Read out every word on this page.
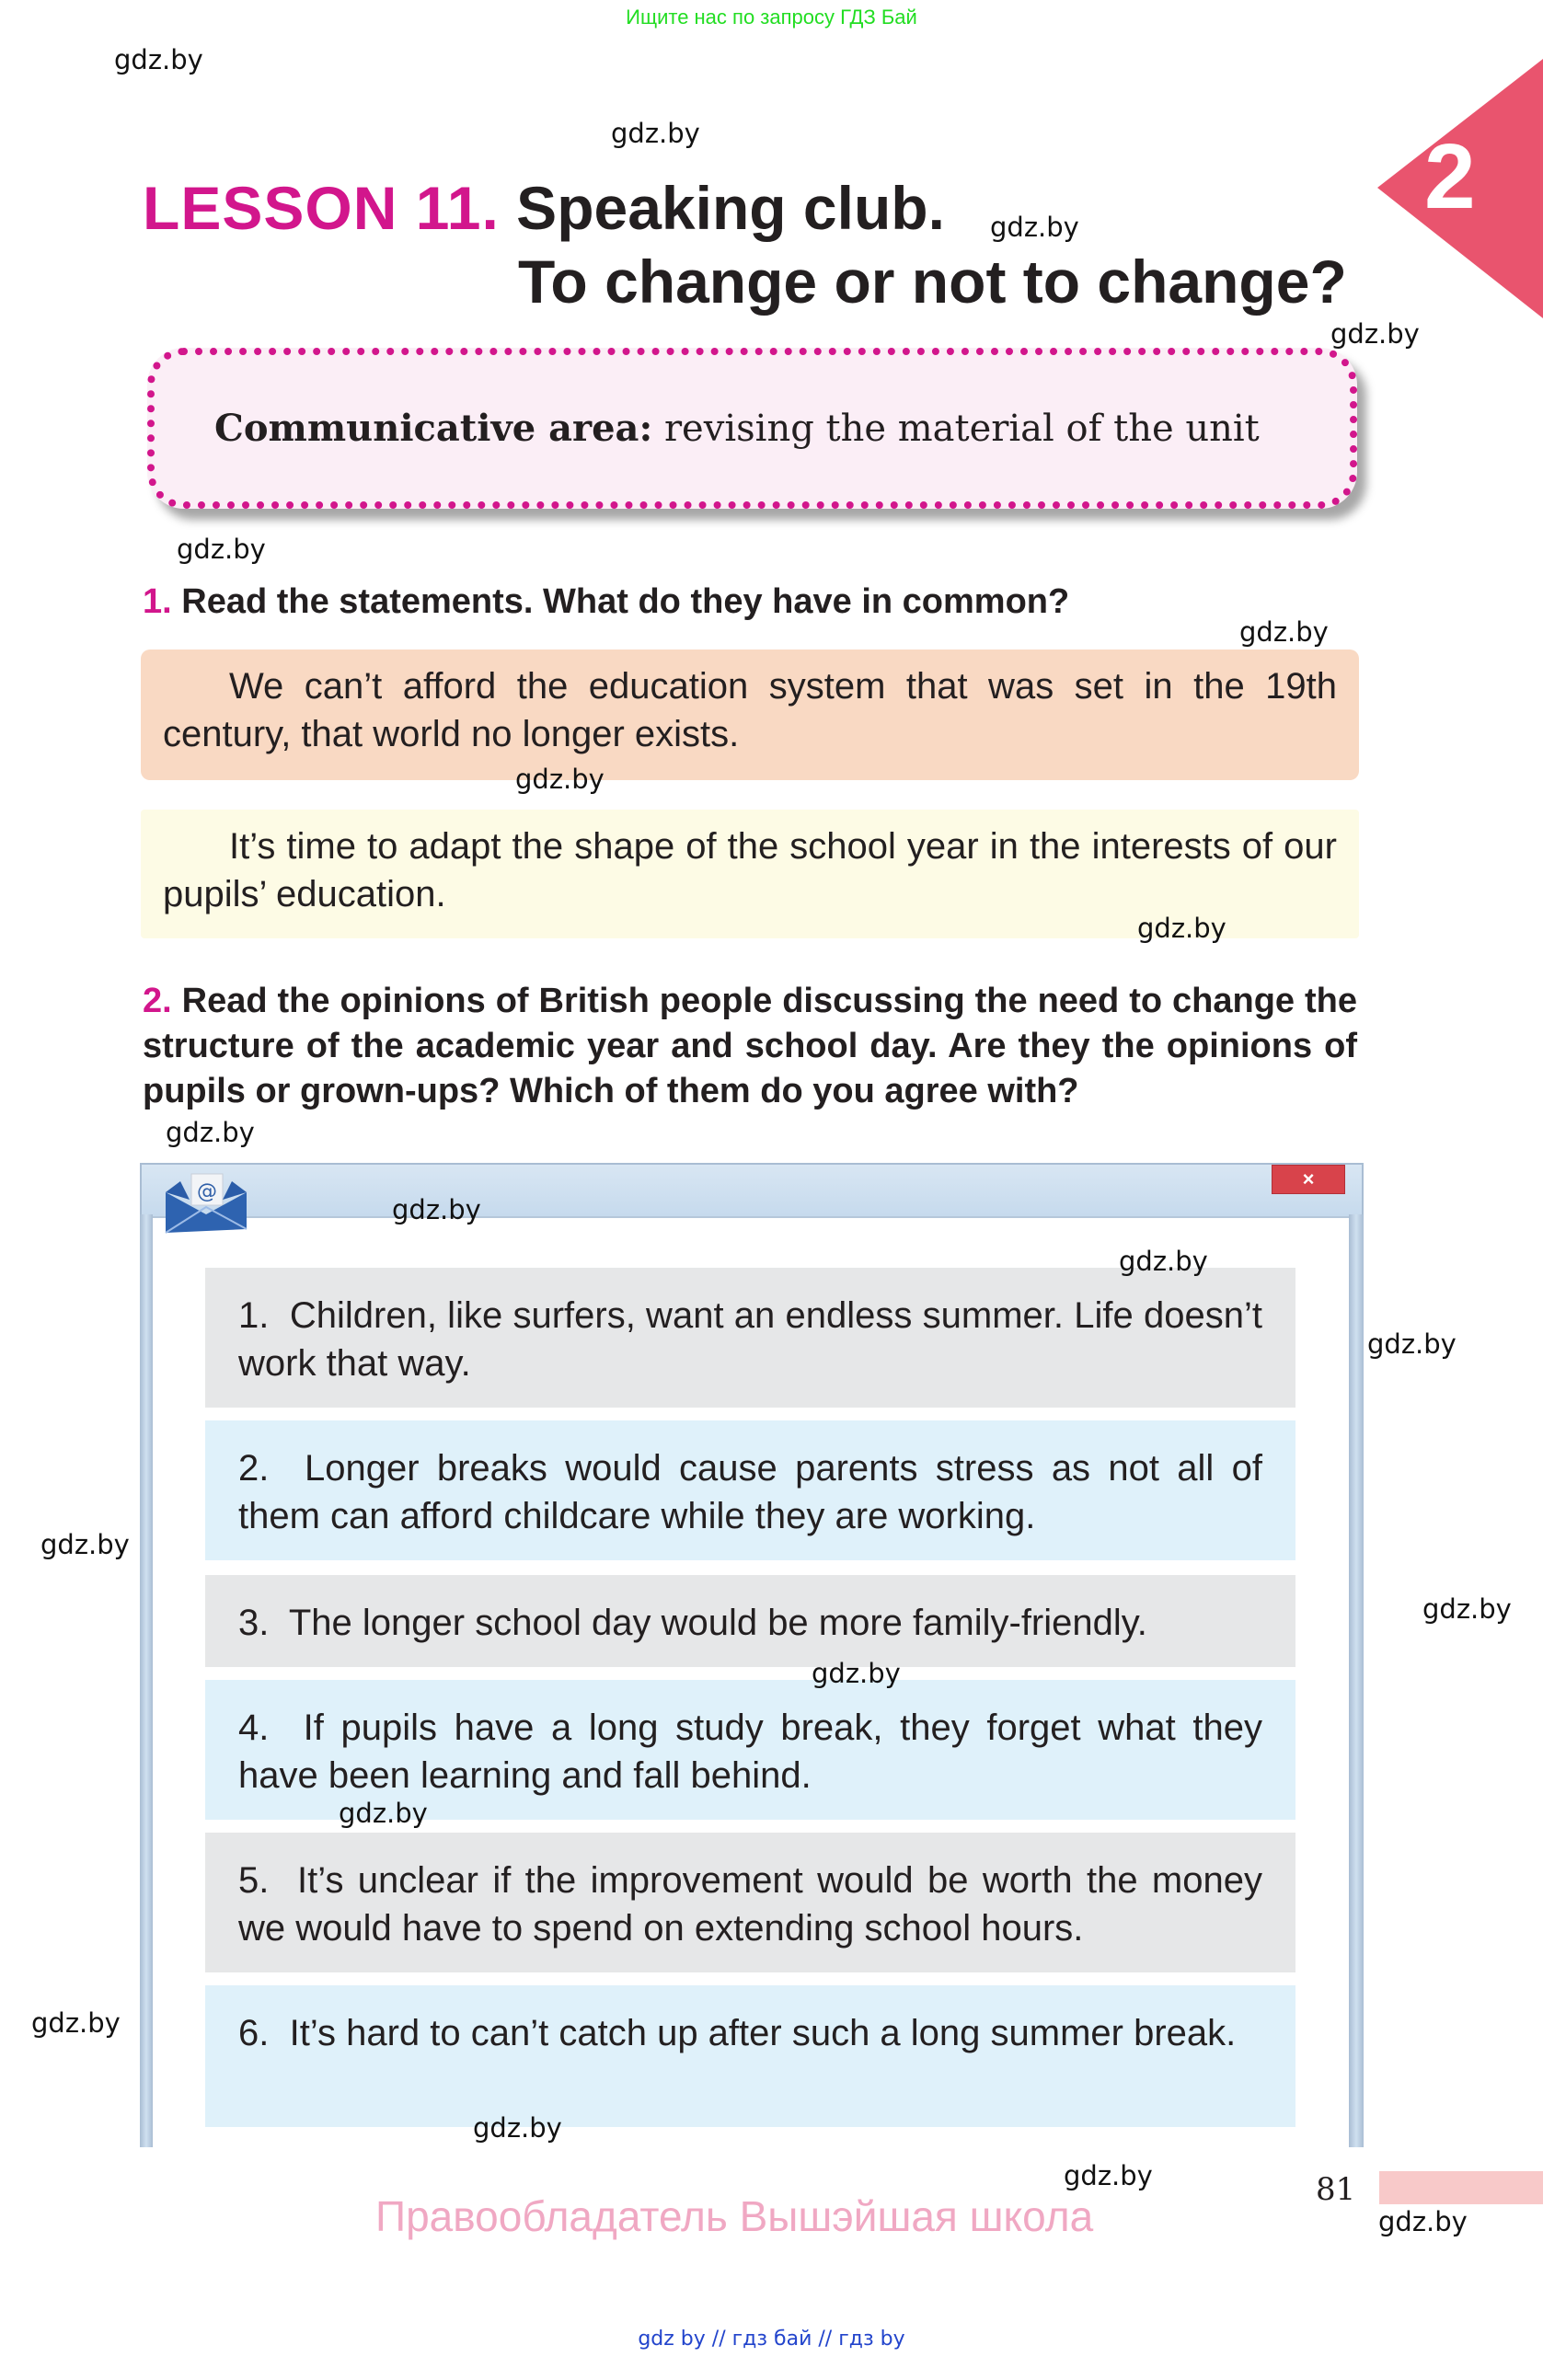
Ищите нас по запросу ГДЗ Бай
2
LESSON 11. Speaking club.
To change or not to change?
Communicative area: revising the material of the unit
1. Read the statements. What do they have in common?
We can’t afford the education system that was set in the 19th century, that world no longer exists.
It’s time to adapt the shape of the school year in the interests of our pupils’ education.
2. Read the opinions of British people discussing the need to change the structure of the academic year and school day. Are they the opinions of pupils or grown-ups? Which of them do you agree with?
@
×
1. Children, like surfers, want an endless summer. Life doesn’t work that way.
2. Longer breaks would cause parents stress as not all of them can afford childcare while they are working.
3. The longer school day would be more family-friendly.
4. If pupils have a long study break, they forget what they have been learning and fall behind.
5. It’s unclear if the improvement would be worth the money we would have to spend on extending school hours.
6. It’s hard to can’t catch up after such a long summer break.
gdz.by
gdz.by
gdz.by
gdz.by
gdz.by
gdz.by
gdz.by
gdz.by
gdz.by
gdz.by
gdz.by
gdz.by
gdz.by
gdz.by
gdz.by
gdz.by
gdz.by
gdz.by
gdz.by
gdz.by
81
Правообладатель Вышэйшая школа
gdz by // гдз бай // гдз by
